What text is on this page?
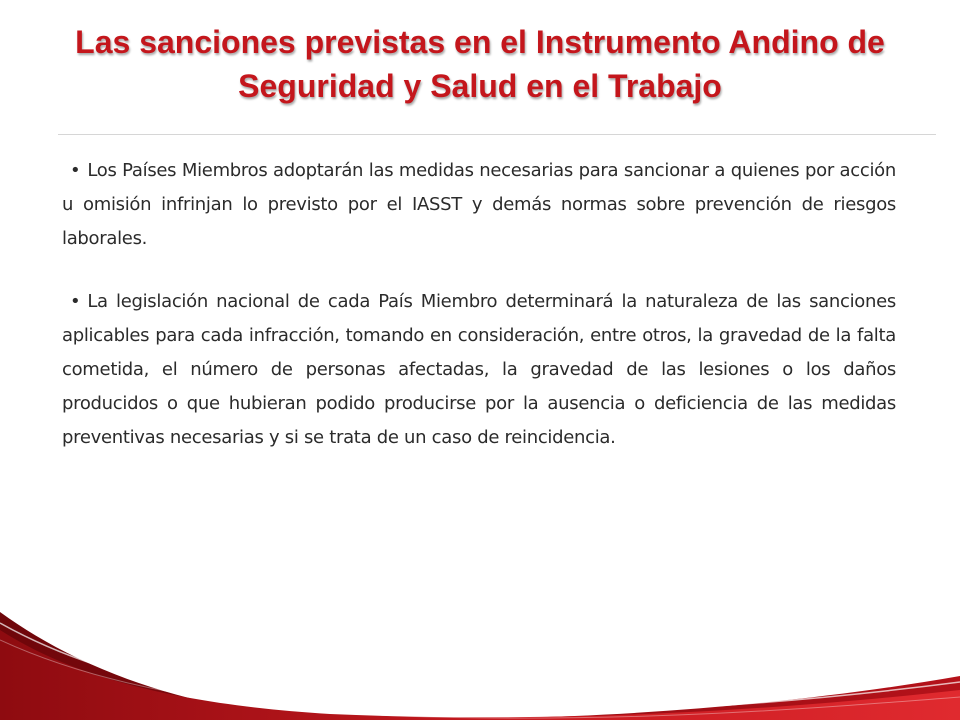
Las sanciones previstas en el Instrumento Andino de Seguridad y Salud en el Trabajo

• Los Países Miembros adoptarán las medidas necesarias para sancionar a quienes por acción u omisión infrinjan lo previsto por el IASST y demás normas sobre prevención de riesgos laborales.

• La legislación nacional de cada País Miembro determinará la naturaleza de las sanciones aplicables para cada infracción, tomando en consideración, entre otros, la gravedad de la falta cometida, el número de personas afectadas, la gravedad de las lesiones o los daños producidos o que hubieran podido producirse por la ausencia o deficiencia de las medidas preventivas necesarias y si se trata de un caso de reincidencia.
